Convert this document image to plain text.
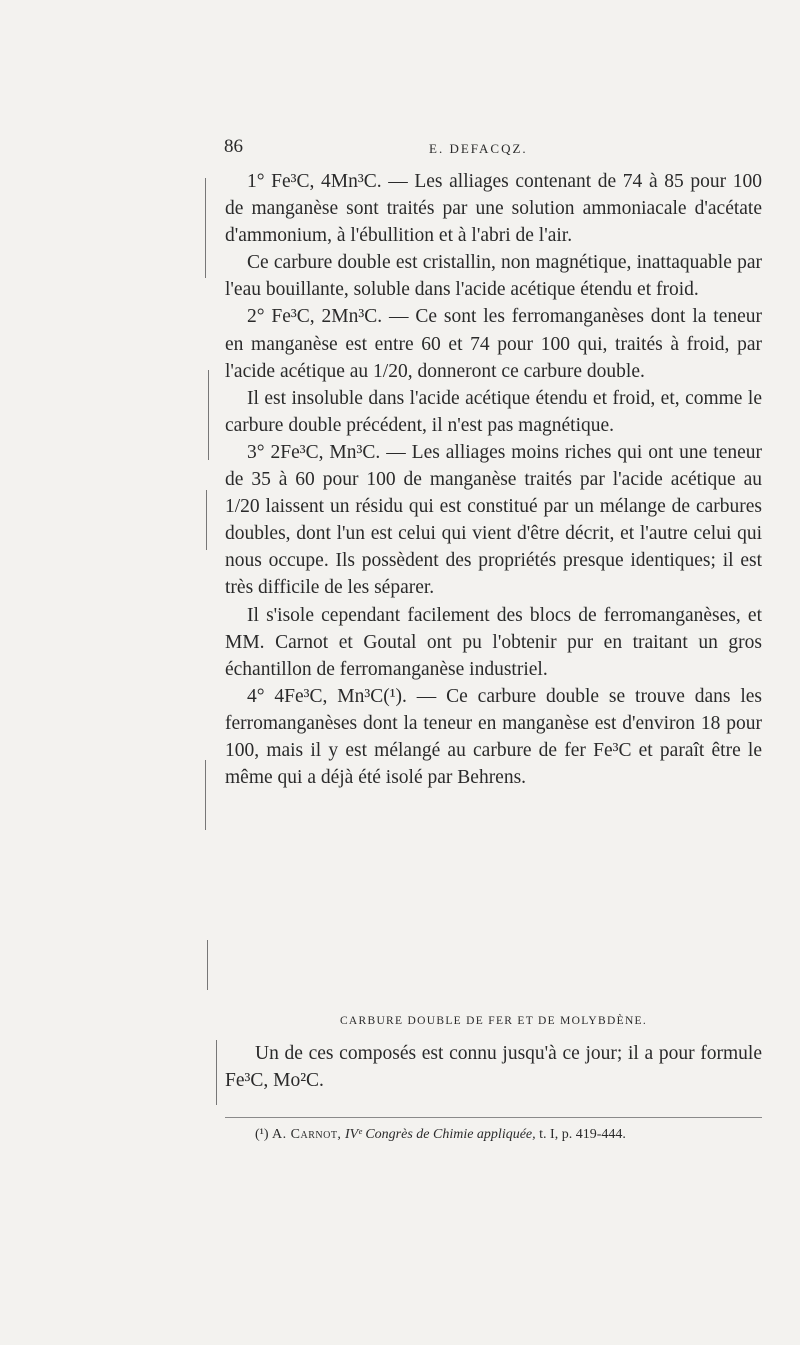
86	E. DEFACQZ.

1° Fe³C, 4Mn³C. — Les alliages contenant de 74 à 85 pour 100 de manganèse sont traités par une solution ammoniacale d'acétate d'ammonium, à l'ébullition et à l'abri de l'air.

Ce carbure double est cristallin, non magnétique, inattaquable par l'eau bouillante, soluble dans l'acide acétique étendu et froid.

2° Fe³C, 2Mn³C. — Ce sont les ferromanganèses dont la teneur en manganèse est entre 60 et 74 pour 100 qui, traités à froid, par l'acide acétique au 1/20, donneront ce carbure double.

Il est insoluble dans l'acide acétique étendu et froid, et, comme le carbure double précédent, il n'est pas magnétique.

3° 2Fe³C, Mn³C. — Les alliages moins riches qui ont une teneur de 35 à 60 pour 100 de manganèse traités par l'acide acétique au 1/20 laissent un résidu qui est constitué par un mélange de carbures doubles, dont l'un est celui qui vient d'être décrit, et l'autre celui qui nous occupe. Ils possèdent des propriétés presque identiques; il est très difficile de les séparer.

Il s'isole cependant facilement des blocs de ferromanganèses, et MM. Carnot et Goutal ont pu l'obtenir pur en traitant un gros échantillon de ferromanganèse industriel.

4° 4Fe³C, Mn³C(¹). — Ce carbure double se trouve dans les ferromanganèses dont la teneur en manganèse est d'environ 18 pour 100, mais il y est mélangé au carbure de fer Fe³C et paraît être le même qui a déjà été isolé par Behrens.

CARBURE DOUBLE DE FER ET DE MOLYBDÈNE.

Un de ces composés est connu jusqu'à ce jour; il a pour formule Fe³C, Mo²C.

(¹) A. Carnot, IVᵉ Congrès de Chimie appliquée, t. I, p. 419-444.
